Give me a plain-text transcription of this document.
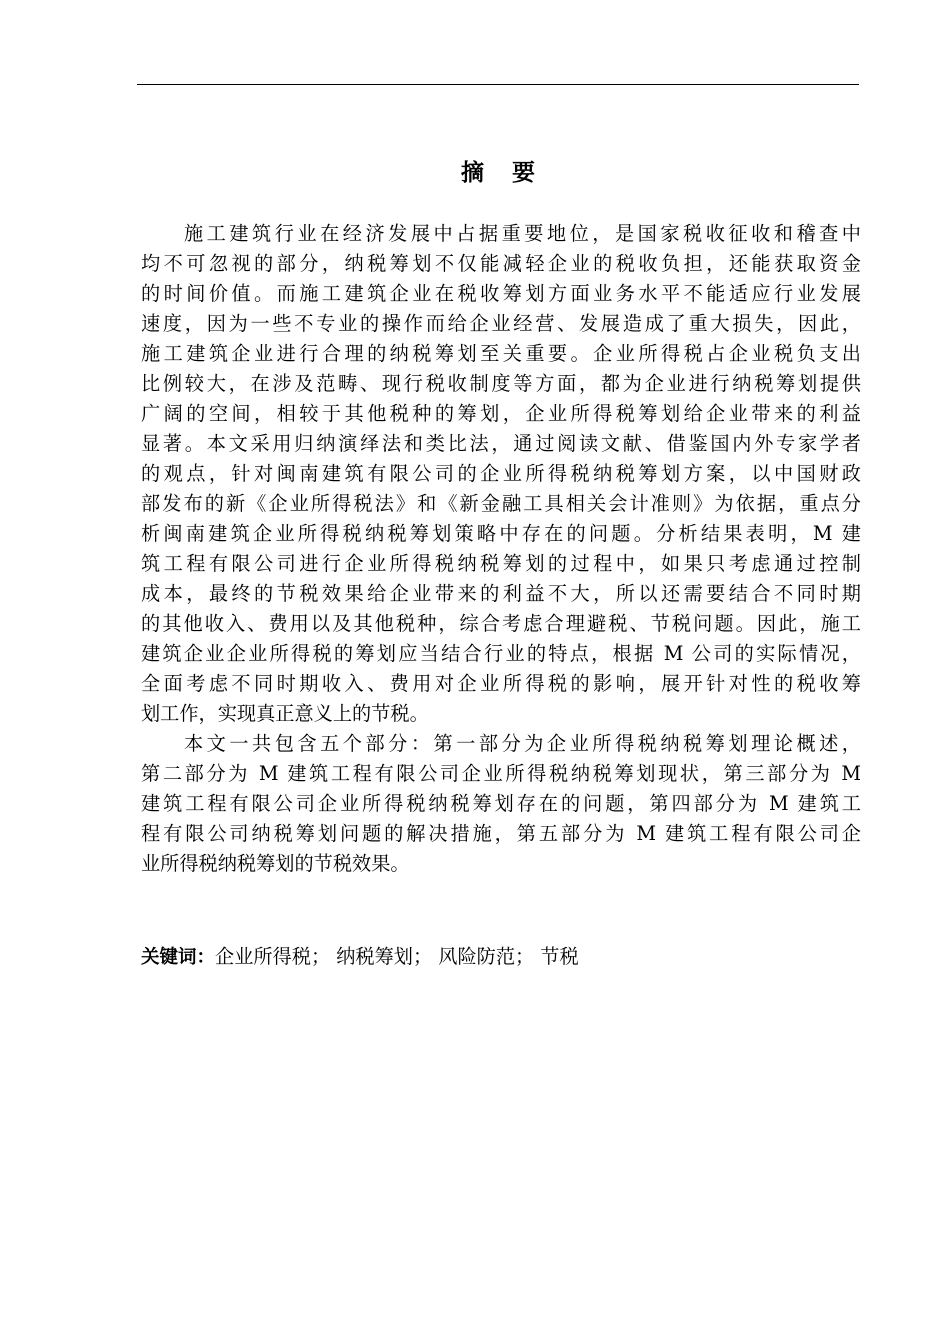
摘  要
施工建筑行业在经济发展中占据重要地位，是国家税收征收和稽查中
均不可忽视的部分，纳税筹划不仅能减轻企业的税收负担，还能获取资金
的时间价值。而施工建筑企业在税收筹划方面业务水平不能适应行业发展
速度，因为一些不专业的操作而给企业经营、发展造成了重大损失，因此，
施工建筑企业进行合理的纳税筹划至关重要。企业所得税占企业税负支出
比例较大，在涉及范畴、现行税收制度等方面，都为企业进行纳税筹划提供
广阔的空间，相较于其他税种的筹划，企业所得税筹划给企业带来的利益
显著。本文采用归纳演绎法和类比法，通过阅读文献、借鉴国内外专家学者
的观点，针对闽南建筑有限公司的企业所得税纳税筹划方案，以中国财政
部发布的新《企业所得税法》和《新金融工具相关会计准则》为依据，重点分
析闽南建筑企业所得税纳税筹划策略中存在的问题。分析结果表明，M 建
筑工程有限公司进行企业所得税纳税筹划的过程中，如果只考虑通过控制
成本，最终的节税效果给企业带来的利益不大，所以还需要结合不同时期
的其他收入、费用以及其他税种，综合考虑合理避税、节税问题。因此，施工
建筑企业企业所得税的筹划应当结合行业的特点，根据 M 公司的实际情况，
全面考虑不同时期收入、费用对企业所得税的影响，展开针对性的税收筹
划工作，实现真正意义上的节税。
本文一共包含五个部分：第一部分为企业所得税纳税筹划理论概述，
第二部分为 M 建筑工程有限公司企业所得税纳税筹划现状，第三部分为 M
建筑工程有限公司企业所得税纳税筹划存在的问题，第四部分为 M 建筑工
程有限公司纳税筹划问题的解决措施，第五部分为 M 建筑工程有限公司企
业所得税纳税筹划的节税效果。
关键词：企业所得税； 纳税筹划； 风险防范； 节税
